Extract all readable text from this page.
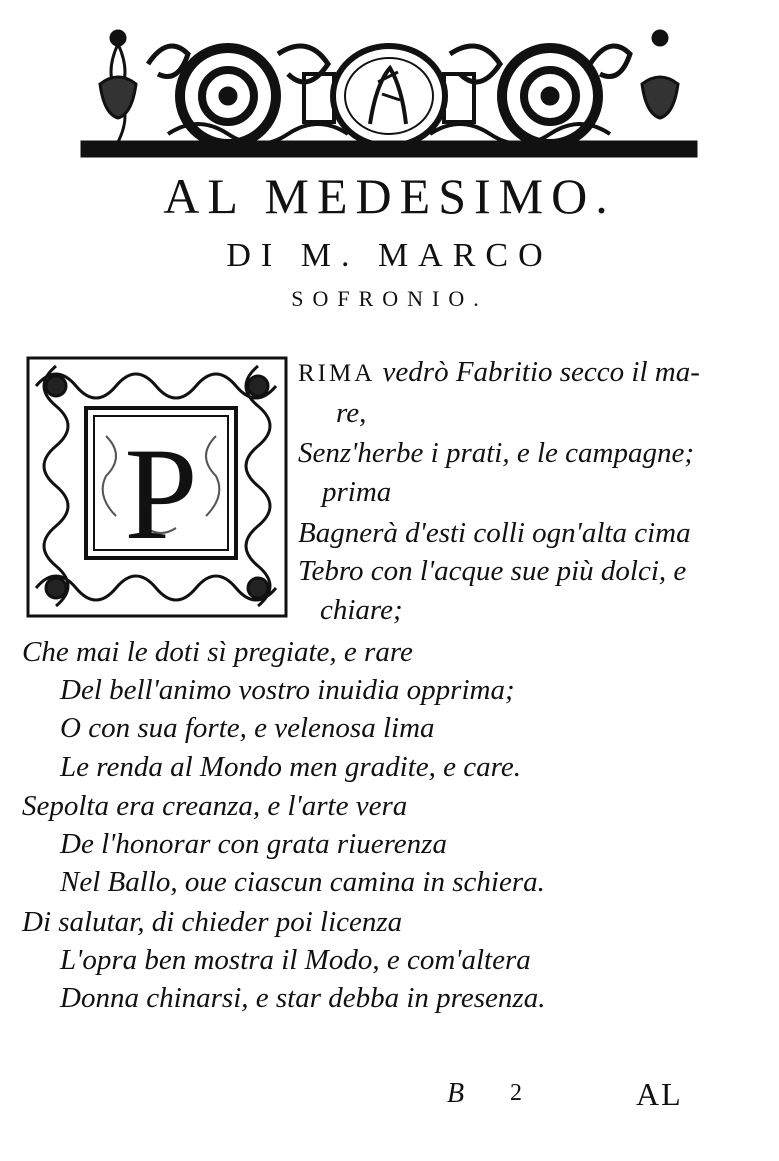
AL MEDESIMO.
DI M. MARCO
SOFRONIO.
P

RIMA vedrò Fabritio secco il ma-

re,

Senz'herbe i prati, e le campagne;

prima

Bagnerà d'esti colli ogn'alta cima

Tebro con l'acque sue più dolci, e

chiare;

Che mai le doti sì pregiate, e rare

Del bell'animo vostro inuidia opprima;

O con sua forte, e velenosa lima

Le renda al Mondo men gradite, e care.

Sepolta era creanza, e l'arte vera

De l'honorar con grata riuerenza

Nel Ballo, oue ciascun camina in schiera.

Di salutar, di chieder poi licenza

L'opra ben mostra il Modo, e com'altera

Donna chinarsi, e star debba in presenza.

B 2	AL
